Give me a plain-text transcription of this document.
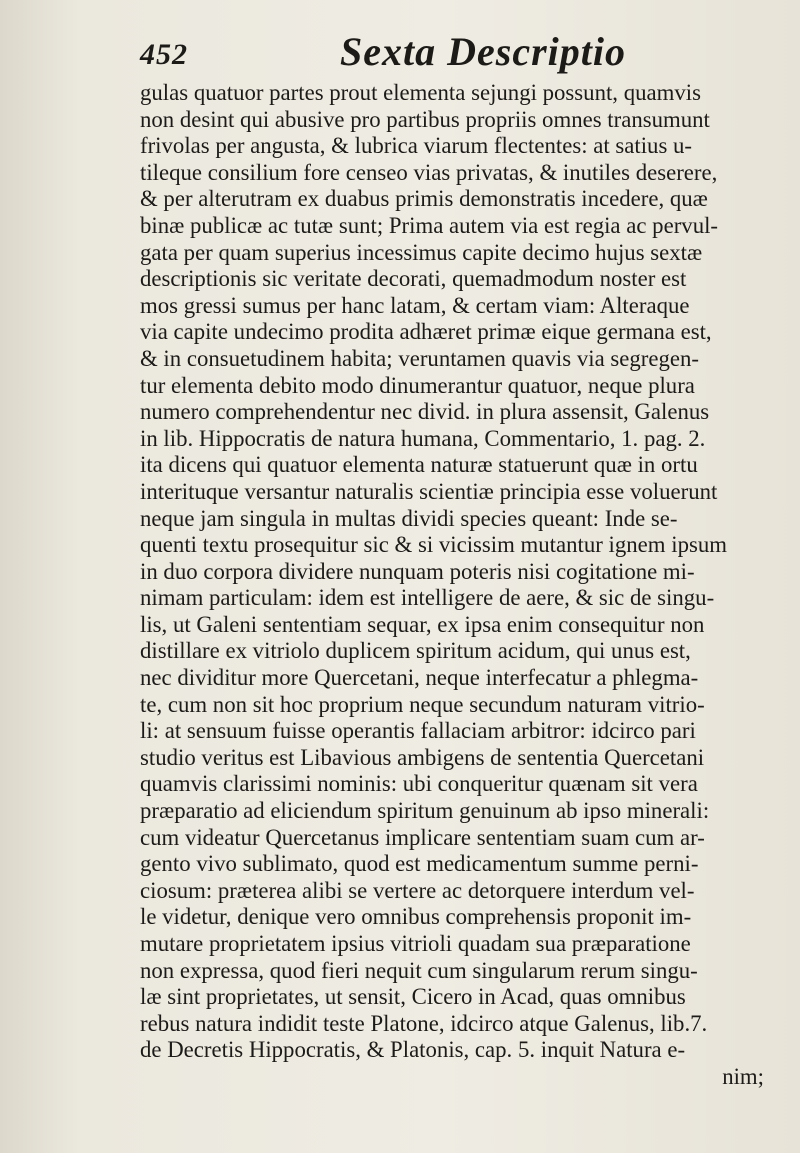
452	Sexta Descriptio
gulas quatuor partes prout elementa sejungi possunt, quamvis
non desint qui abusive pro partibus propriis omnes transumunt
frivolas per angusta, & lubrica viarum flectentes: at satius u-
tileque consilium fore censeo vias privatas, & inutiles deserere,
& per alterutram ex duabus primis demonstratis incedere, quæ
binæ publicæ ac tutæ sunt; Prima autem via est regia ac pervul-
gata per quam superius incessimus capite decimo hujus sextæ
descriptionis sic veritate decorati, quemadmodum noster est
mos gressi sumus per hanc latam, & certam viam: Alteraque
via capite undecimo prodita adhæret primæ eique germana est,
& in consuetudinem habita; veruntamen quavis via segregen-
tur elementa debito modo dinumerantur quatuor, neque plura
numero comprehendentur nec divid. in plura assensit, Galenus
in lib. Hippocratis de natura humana, Commentario, 1. pag. 2.
ita dicens qui quatuor elementa naturæ statuerunt quæ in ortu
interituque versantur naturalis scientiæ principia esse voluerunt
neque jam singula in multas dividi species queant: Inde se-
quenti textu prosequitur sic & si vicissim mutantur ignem ipsum
in duo corpora dividere nunquam poteris nisi cogitatione mi-
nimam particulam: idem est intelligere de aere, & sic de singu-
lis, ut Galeni sententiam sequar, ex ipsa enim consequitur non
distillare ex vitriolo duplicem spiritum acidum, qui unus est,
nec dividitur more Quercetani, neque interfecatur a phlegma-
te, cum non sit hoc proprium neque secundum naturam vitrio-
li: at sensuum fuisse operantis fallaciam arbitror: idcirco pari
studio veritus est Libavious ambigens de sententia Quercetani
quamvis clarissimi nominis: ubi conqueritur quænam sit vera
præparatio ad eliciendum spiritum genuinum ab ipso minerali:
cum videatur Quercetanus implicare sententiam suam cum ar-
gento vivo sublimato, quod est medicamentum summe perni-
ciosum: præterea alibi se vertere ac detorquere interdum vel-
le videtur, denique vero omnibus comprehensis proponit im-
mutare proprietatem ipsius vitrioli quadam sua præparatione
non expressa, quod fieri nequit cum singularum rerum singu-
læ sint proprietates, ut sensit, Cicero in Acad, quas omnibus
rebus natura indidit teste Platone, idcirco atque Galenus, lib.7.
de Decretis Hippocratis, & Platonis, cap. 5. inquit Natura e-
nim;
